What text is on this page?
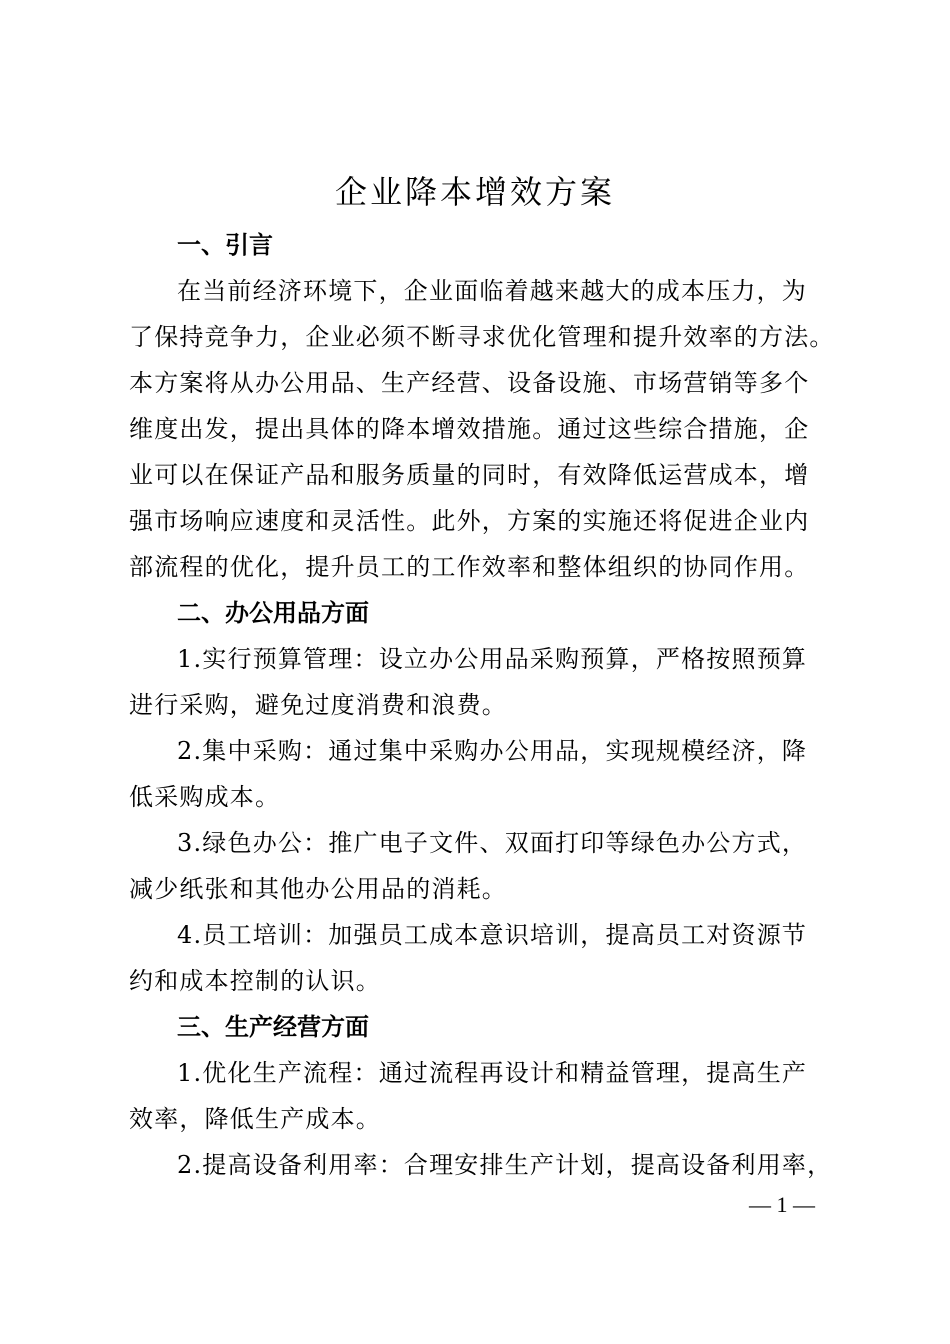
企业降本增效方案
一、引言
在当前经济环境下，企业面临着越来越大的成本压力，为
了保持竞争力，企业必须不断寻求优化管理和提升效率的方法。
本方案将从办公用品、生产经营、设备设施、市场营销等多个
维度出发，提出具体的降本增效措施。通过这些综合措施，企
业可以在保证产品和服务质量的同时，有效降低运营成本，增
强市场响应速度和灵活性。此外，方案的实施还将促进企业内
部流程的优化，提升员工的工作效率和整体组织的协同作用。
二、办公用品方面
1.实行预算管理：设立办公用品采购预算，严格按照预算
进行采购，避免过度消费和浪费。
2.集中采购：通过集中采购办公用品，实现规模经济，降
低采购成本。
3.绿色办公：推广电子文件、双面打印等绿色办公方式，
减少纸张和其他办公用品的消耗。
4.员工培训：加强员工成本意识培训，提高员工对资源节
约和成本控制的认识。
三、生产经营方面
1.优化生产流程：通过流程再设计和精益管理，提高生产
效率，降低生产成本。
2.提高设备利用率：合理安排生产计划，提高设备利用率，
— 1 —
